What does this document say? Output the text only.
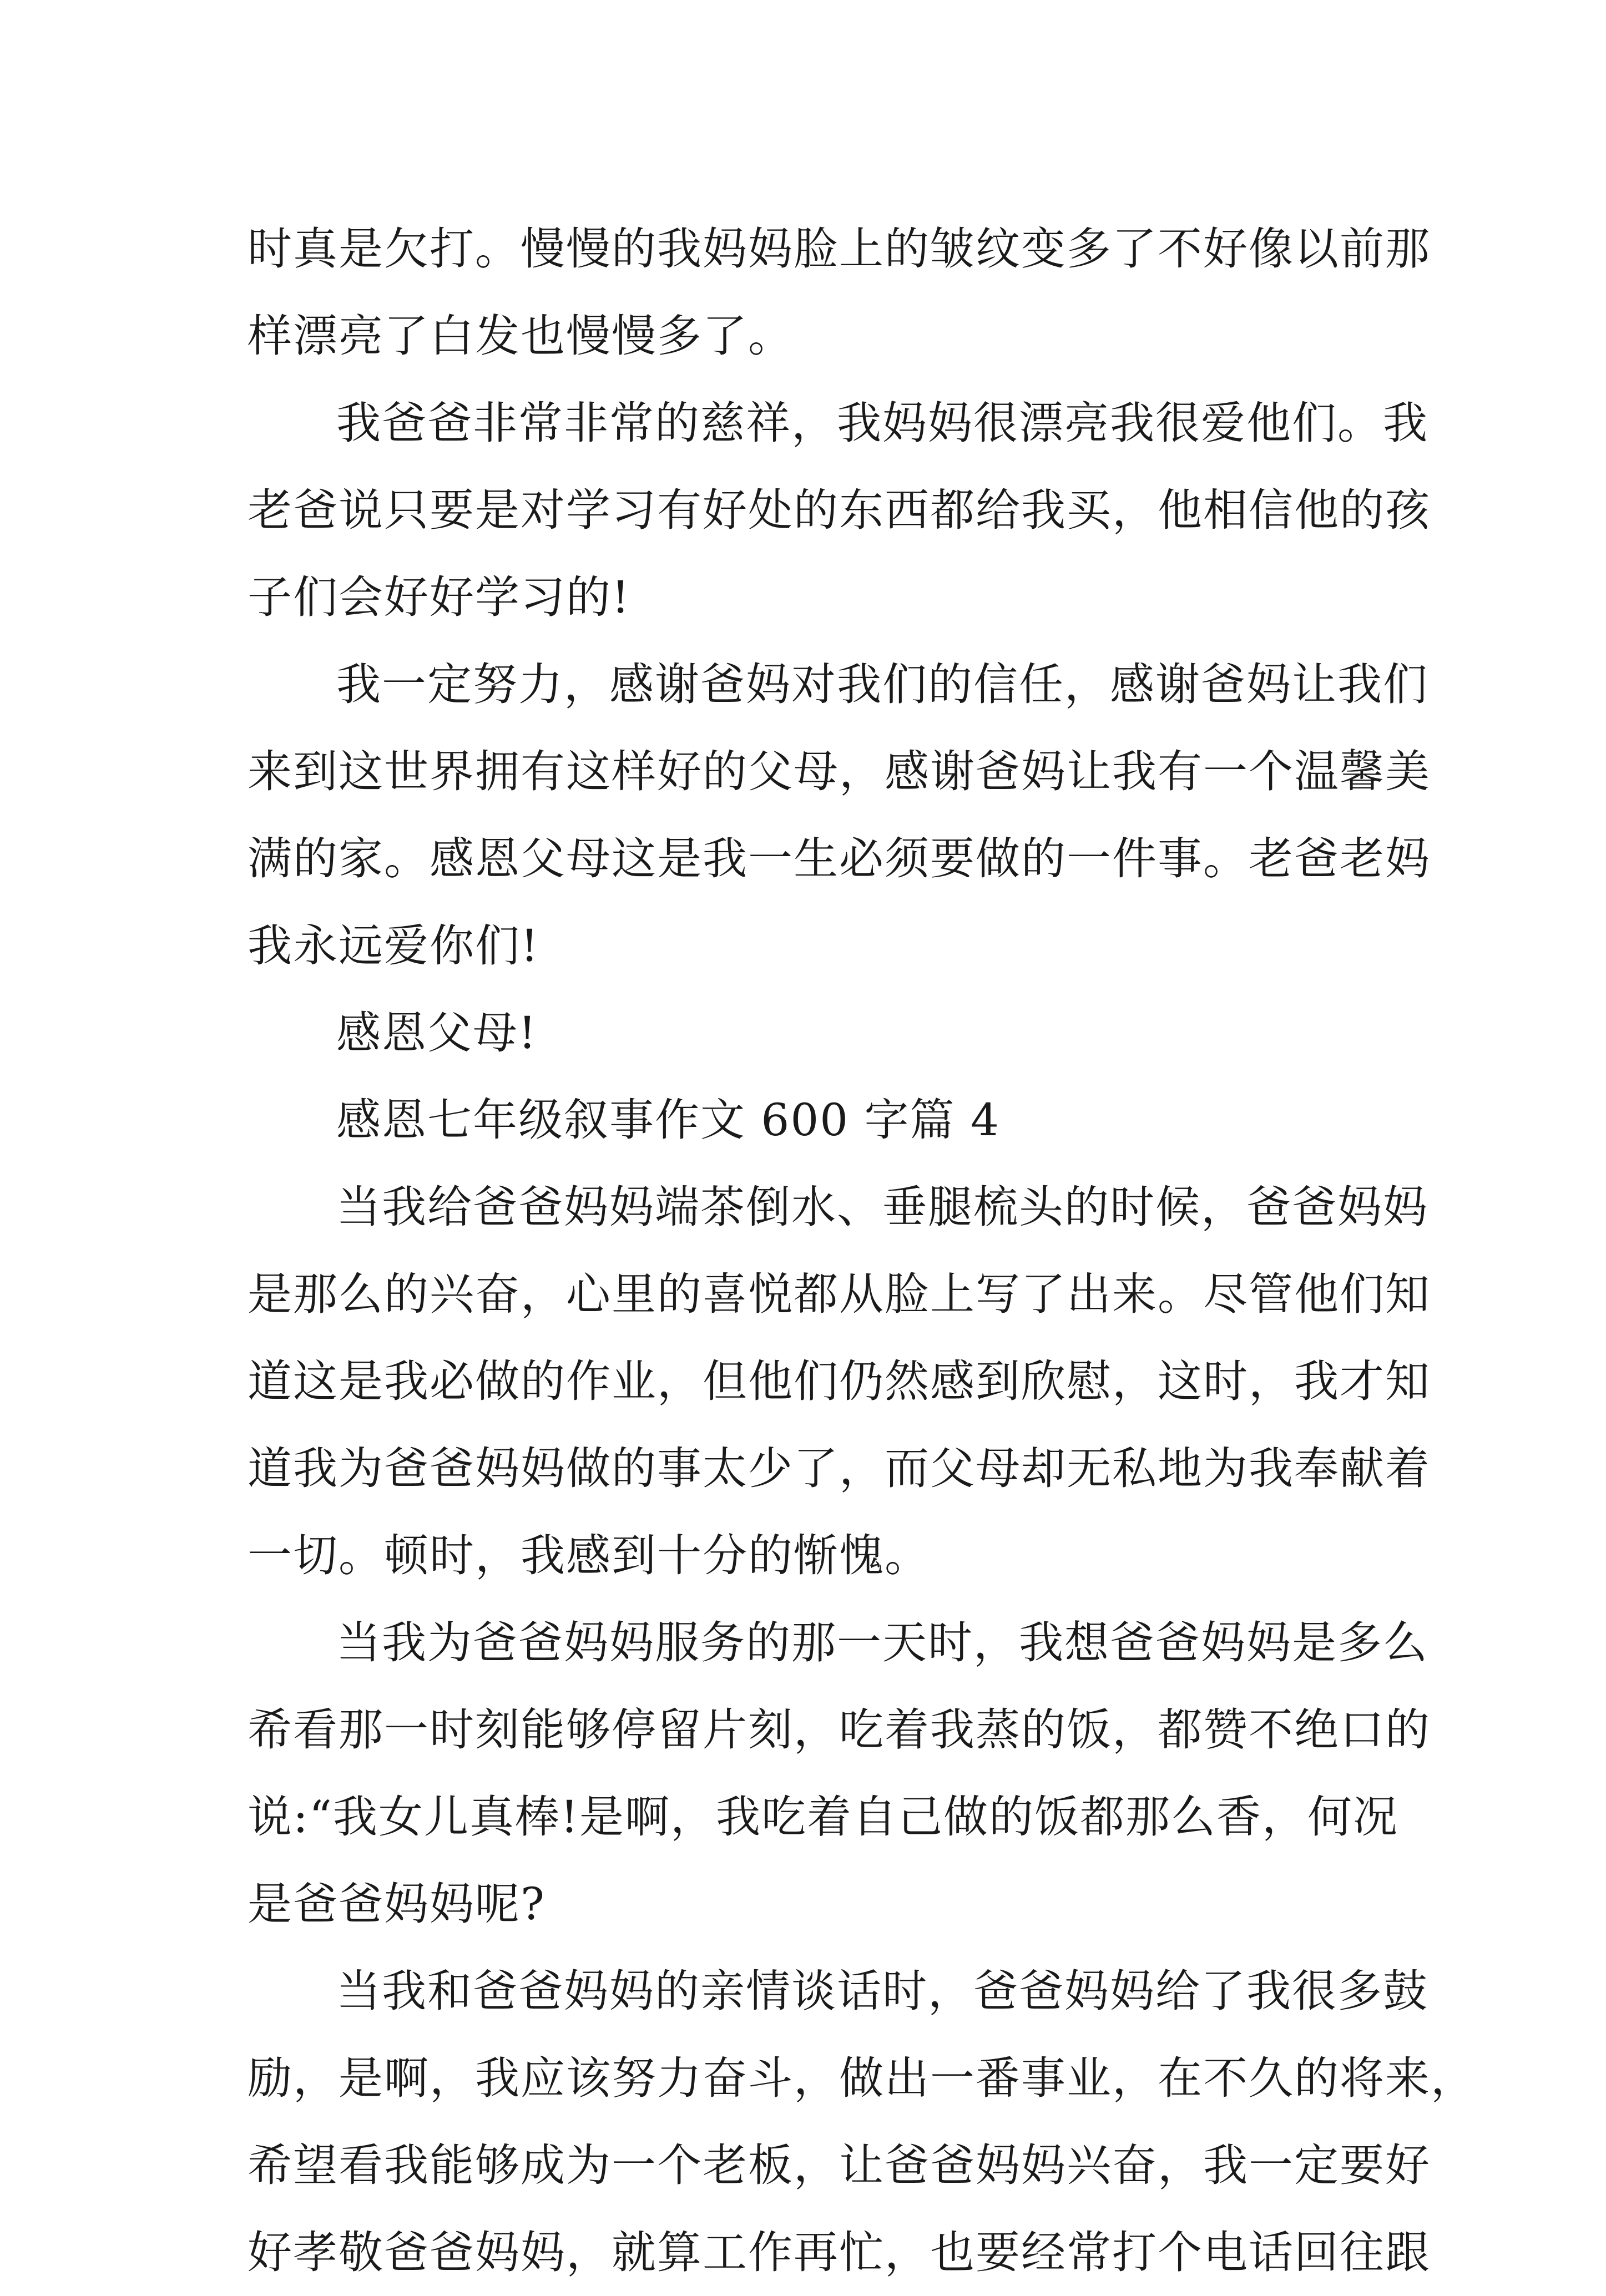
时真是欠打。慢慢的我妈妈脸上的皱纹变多了不好像以前那
样漂亮了白发也慢慢多了。

我爸爸非常非常的慈祥，我妈妈很漂亮我很爱他们。我
老爸说只要是对学习有好处的东西都给我买，他相信他的孩
子们会好好学习的!

我一定努力，感谢爸妈对我们的信任，感谢爸妈让我们
来到这世界拥有这样好的父母，感谢爸妈让我有一个温馨美
满的家。感恩父母这是我一生必须要做的一件事。老爸老妈
我永远爱你们!

感恩父母!

感恩七年级叙事作文 600 字篇 4

当我给爸爸妈妈端茶倒水、垂腿梳头的时候，爸爸妈妈
是那么的兴奋，心里的喜悦都从脸上写了出来。尽管他们知
道这是我必做的作业，但他们仍然感到欣慰，这时，我才知
道我为爸爸妈妈做的事太少了，而父母却无私地为我奉献着
一切。顿时，我感到十分的惭愧。

当我为爸爸妈妈服务的那一天时，我想爸爸妈妈是多么
希看那一时刻能够停留片刻，吃着我蒸的饭，都赞不绝口的
说:“我女儿真棒!是啊，我吃着自己做的饭都那么香，何况
是爸爸妈妈呢?

当我和爸爸妈妈的亲情谈话时，爸爸妈妈给了我很多鼓
励，是啊，我应该努力奋斗，做出一番事业，在不久的将来，
希望看我能够成为一个老板，让爸爸妈妈兴奋，我一定要好
好孝敬爸爸妈妈，就算工作再忙，也要经常打个电话回往跟
